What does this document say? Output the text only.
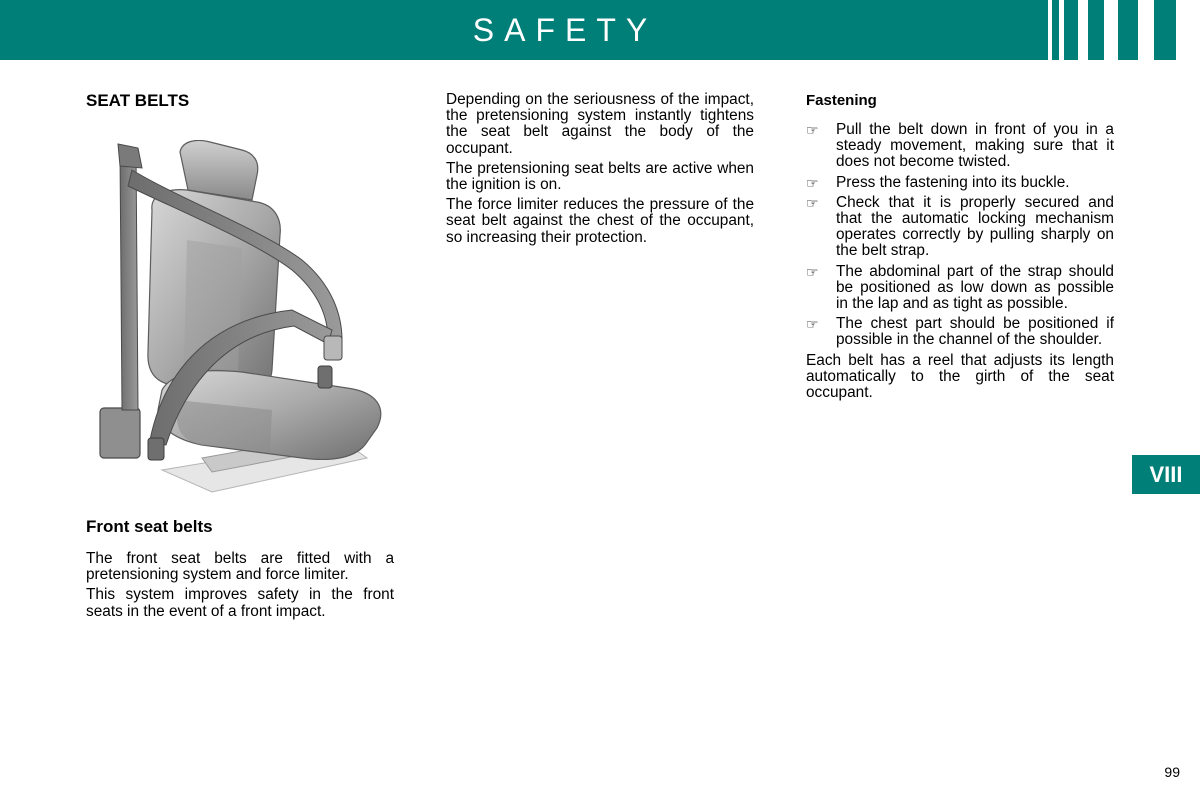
SAFETY
SEAT BELTS
Front seat belts

The front seat belts are fitted with a pretensioning system and force limiter.

This system improves safety in the front seats in the event of a front impact.

Depending on the seriousness of the impact, the pretensioning system instantly tightens the seat belt against the body of the occupant.

The pretensioning seat belts are active when the ignition is on.

The force limiter reduces the pressure of the seat belt against the chest of the occupant, so increasing their protection.

Fastening
☞ Pull the belt down in front of you in a steady movement, making sure that it does not become twisted.
☞ Press the fastening into its buckle.
☞ Check that it is properly secured and that the automatic locking mechanism operates correctly by pulling sharply on the belt strap.
☞ The abdominal part of the strap should be positioned as low down as possible in the lap and as tight as possible.
☞ The chest part should be positioned if possible in the channel of the shoulder.

Each belt has a reel that adjusts its length automatically to the girth of the seat occupant.

VIII
99
